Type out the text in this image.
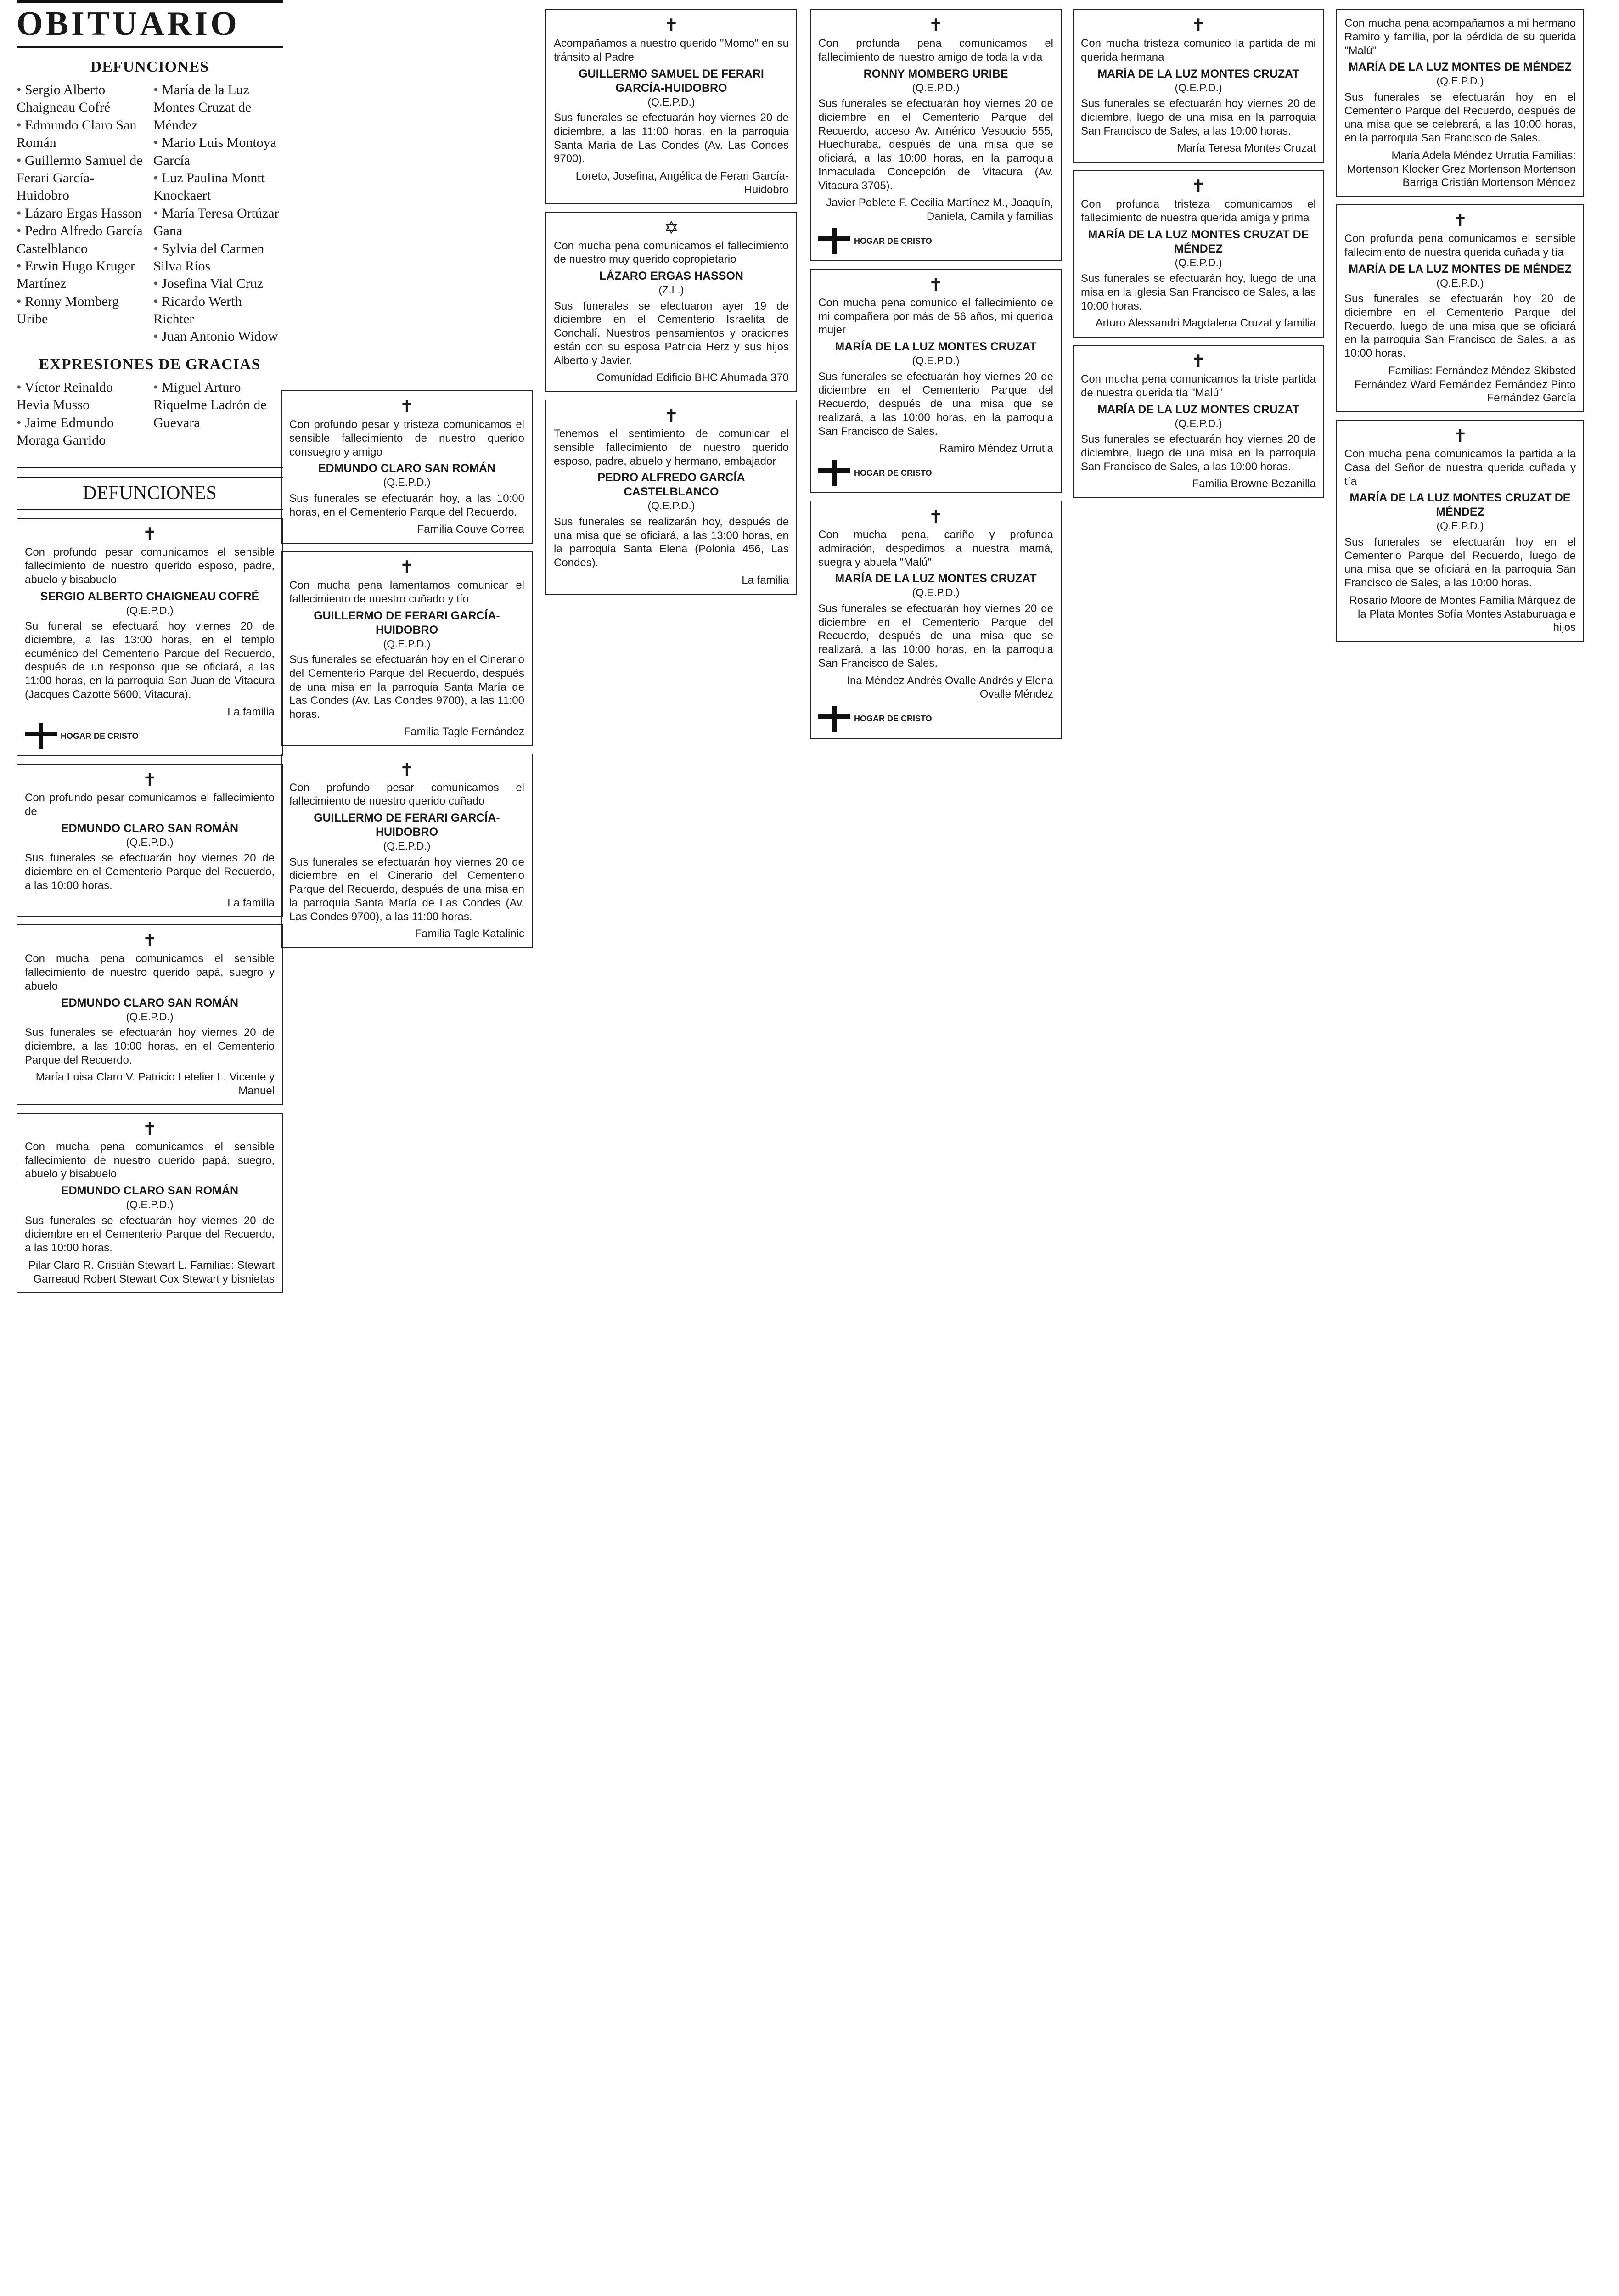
OBITUARIO
DEFUNCIONES
• Sergio Alberto Chaigneau Cofré
• Edmundo Claro San Román
• Guillermo Samuel de Ferari García-Huidobro
• Lázaro Ergas Hasson
• Pedro Alfredo García Castelblanco
• Erwin Hugo Kruger Martínez
• Ronny Momberg Uribe
• María de la Luz Montes Cruzat de Méndez
• Mario Luis Montoya García
• Luz Paulina Montt Knockaert
• María Teresa Ortúzar Gana
• Sylvia del Carmen Silva Ríos
• Josefina Vial Cruz
• Ricardo Werth Richter
• Juan Antonio Widow
EXPRESIONES DE GRACIAS
• Víctor Reinaldo Hevia Musso
• Jaime Edmundo Moraga Garrido
• Miguel Arturo Riquelme Ladrón de Guevara
DEFUNCIONES
✝
Con profundo pesar comunicamos el sensible fallecimiento de nuestro querido esposo, padre, abuelo y bisabuelo
SERGIO ALBERTO CHAIGNEAU COFRÉ
(Q.E.P.D.)
Su funeral se efectuará hoy viernes 20 de diciembre, a las 13:00 horas, en el templo ecuménico del Cementerio Parque del Recuerdo, después de un responso que se oficiará, a las 11:00 horas, en la parroquia San Juan de Vitacura (Jacques Cazotte 5600, Vitacura).
La familia
HOGAR DE CRISTO
✝
Con profundo pesar comunicamos el fallecimiento de
EDMUNDO CLARO SAN ROMÁN
(Q.E.P.D.)
Sus funerales se efectuarán hoy viernes 20 de diciembre en el Cementerio Parque del Recuerdo, a las 10:00 horas.
La familia
✝
Con mucha pena comunicamos el sensible fallecimiento de nuestro querido papá, suegro y abuelo
EDMUNDO CLARO SAN ROMÁN
(Q.E.P.D.)
Sus funerales se efectuarán hoy viernes 20 de diciembre, a las 10:00 horas, en el Cementerio Parque del Recuerdo.
María Luisa Claro V. Patricio Letelier L. Vicente y Manuel
✝
Con mucha pena comunicamos el sensible fallecimiento de nuestro querido papá, suegro, abuelo y bisabuelo
EDMUNDO CLARO SAN ROMÁN
(Q.E.P.D.)
Sus funerales se efectuarán hoy viernes 20 de diciembre en el Cementerio Parque del Recuerdo, a las 10:00 horas.
Pilar Claro R. Cristián Stewart L. Familias: Stewart Garreaud Robert Stewart Cox Stewart y bisnietas
✝
Con profundo pesar y tristeza comunicamos el sensible fallecimiento de nuestro querido consuegro y amigo
EDMUNDO CLARO SAN ROMÁN
(Q.E.P.D.)
Sus funerales se efectuarán hoy, a las 10:00 horas, en el Cementerio Parque del Recuerdo.
Familia Couve Correa
✝
Con mucha pena lamentamos comunicar el fallecimiento de nuestro cuñado y tío
GUILLERMO DE FERARI GARCÍA-HUIDOBRO
(Q.E.P.D.)
Sus funerales se efectuarán hoy en el Cinerario del Cementerio Parque del Recuerdo, después de una misa en la parroquia Santa María de Las Condes (Av. Las Condes 9700), a las 11:00 horas.
Familia Tagle Fernández
✝
Con profundo pesar comunicamos el fallecimiento de nuestro querido cuñado
GUILLERMO DE FERARI GARCÍA-HUIDOBRO
(Q.E.P.D.)
Sus funerales se efectuarán hoy viernes 20 de diciembre en el Cinerario del Cementerio Parque del Recuerdo, después de una misa en la parroquia Santa María de Las Condes (Av. Las Condes 9700), a las 11:00 horas.
Familia Tagle Katalinic
✝
Acompañamos a nuestro querido "Momo" en su tránsito al Padre
GUILLERMO SAMUEL DE FERARI GARCÍA-HUIDOBRO
(Q.E.P.D.)
Sus funerales se efectuarán hoy viernes 20 de diciembre, a las 11:00 horas, en la parroquia Santa María de Las Condes (Av. Las Condes 9700).
Loreto, Josefina, Angélica de Ferari García-Huidobro
✡
Con mucha pena comunicamos el fallecimiento de nuestro muy querido copropietario
LÁZARO ERGAS HASSON
(Z.L.)
Sus funerales se efectuaron ayer 19 de diciembre en el Cementerio Israelita de Conchalí. Nuestros pensamientos y oraciones están con su esposa Patricia Herz y sus hijos Alberto y Javier.
Comunidad Edificio BHC Ahumada 370
✝
Tenemos el sentimiento de comunicar el sensible fallecimiento de nuestro querido esposo, padre, abuelo y hermano, embajador
PEDRO ALFREDO GARCÍA CASTELBLANCO
(Q.E.P.D.)
Sus funerales se realizarán hoy, después de una misa que se oficiará, a las 13:00 horas, en la parroquia Santa Elena (Polonia 456, Las Condes).
La familia
✝
Con profunda pena comunicamos el fallecimiento de nuestro amigo de toda la vida
RONNY MOMBERG URIBE
(Q.E.P.D.)
Sus funerales se efectuarán hoy viernes 20 de diciembre en el Cementerio Parque del Recuerdo, acceso Av. Américo Vespucio 555, Huechuraba, después de una misa que se oficiará, a las 10:00 horas, en la parroquia Inmaculada Concepción de Vitacura (Av. Vitacura 3705).
Javier Poblete F. Cecilia Martínez M., Joaquín, Daniela, Camila y familias
HOGAR DE CRISTO
✝
Con mucha pena comunico el fallecimiento de mi compañera por más de 56 años, mi querida mujer
MARÍA DE LA LUZ MONTES CRUZAT
(Q.E.P.D.)
Sus funerales se efectuarán hoy viernes 20 de diciembre en el Cementerio Parque del Recuerdo, después de una misa que se realizará, a las 10:00 horas, en la parroquia San Francisco de Sales.
Ramiro Méndez Urrutia
HOGAR DE CRISTO
✝
Con mucha pena, cariño y profunda admiración, despedimos a nuestra mamá, suegra y abuela "Malú"
MARÍA DE LA LUZ MONTES CRUZAT
(Q.E.P.D.)
Sus funerales se efectuarán hoy viernes 20 de diciembre en el Cementerio Parque del Recuerdo, después de una misa que se realizará, a las 10:00 horas, en la parroquia San Francisco de Sales.
Ina Méndez Andrés Ovalle Andrés y Elena Ovalle Méndez
HOGAR DE CRISTO
✝
Con mucha tristeza comunico la partida de mi querida hermana
MARÍA DE LA LUZ MONTES CRUZAT
(Q.E.P.D.)
Sus funerales se efectuarán hoy viernes 20 de diciembre, luego de una misa en la parroquia San Francisco de Sales, a las 10:00 horas.
María Teresa Montes Cruzat
✝
Con profunda tristeza comunicamos el fallecimiento de nuestra querida amiga y prima
MARÍA DE LA LUZ MONTES CRUZAT DE MÉNDEZ
(Q.E.P.D.)
Sus funerales se efectuarán hoy, luego de una misa en la iglesia San Francisco de Sales, a las 10:00 horas.
Arturo Alessandri Magdalena Cruzat y familia
✝
Con mucha pena comunicamos la triste partida de nuestra querida tía "Malú"
MARÍA DE LA LUZ MONTES CRUZAT
(Q.E.P.D.)
Sus funerales se efectuarán hoy viernes 20 de diciembre, luego de una misa en la parroquia San Francisco de Sales, a las 10:00 horas.
Familia Browne Bezanilla
Con mucha pena acompañamos a mi hermano Ramiro y familia, por la pérdida de su querida "Malú"
MARÍA DE LA LUZ MONTES DE MÉNDEZ
(Q.E.P.D.)
Sus funerales se efectuarán hoy en el Cementerio Parque del Recuerdo, después de una misa que se celebrará, a las 10:00 horas, en la parroquia San Francisco de Sales.
María Adela Méndez Urrutia Familias: Mortenson Klocker Grez Mortenson Mortenson Barriga Cristián Mortenson Méndez
✝
Con profunda pena comunicamos el sensible fallecimiento de nuestra querida cuñada y tía
MARÍA DE LA LUZ MONTES DE MÉNDEZ
(Q.E.P.D.)
Sus funerales se efectuarán hoy 20 de diciembre en el Cementerio Parque del Recuerdo, luego de una misa que se oficiará en la parroquia San Francisco de Sales, a las 10:00 horas.
Familias: Fernández Méndez Skibsted Fernández Ward Fernández Fernández Pinto Fernández García
✝
Con mucha pena comunicamos la partida a la Casa del Señor de nuestra querida cuñada y tía
MARÍA DE LA LUZ MONTES CRUZAT DE MÉNDEZ
(Q.E.P.D.)
Sus funerales se efectuarán hoy en el Cementerio Parque del Recuerdo, luego de una misa que se oficiará en la parroquia San Francisco de Sales, a las 10:00 horas.
Rosario Moore de Montes Familia Márquez de la Plata Montes Sofía Montes Astaburuaga e hijos
